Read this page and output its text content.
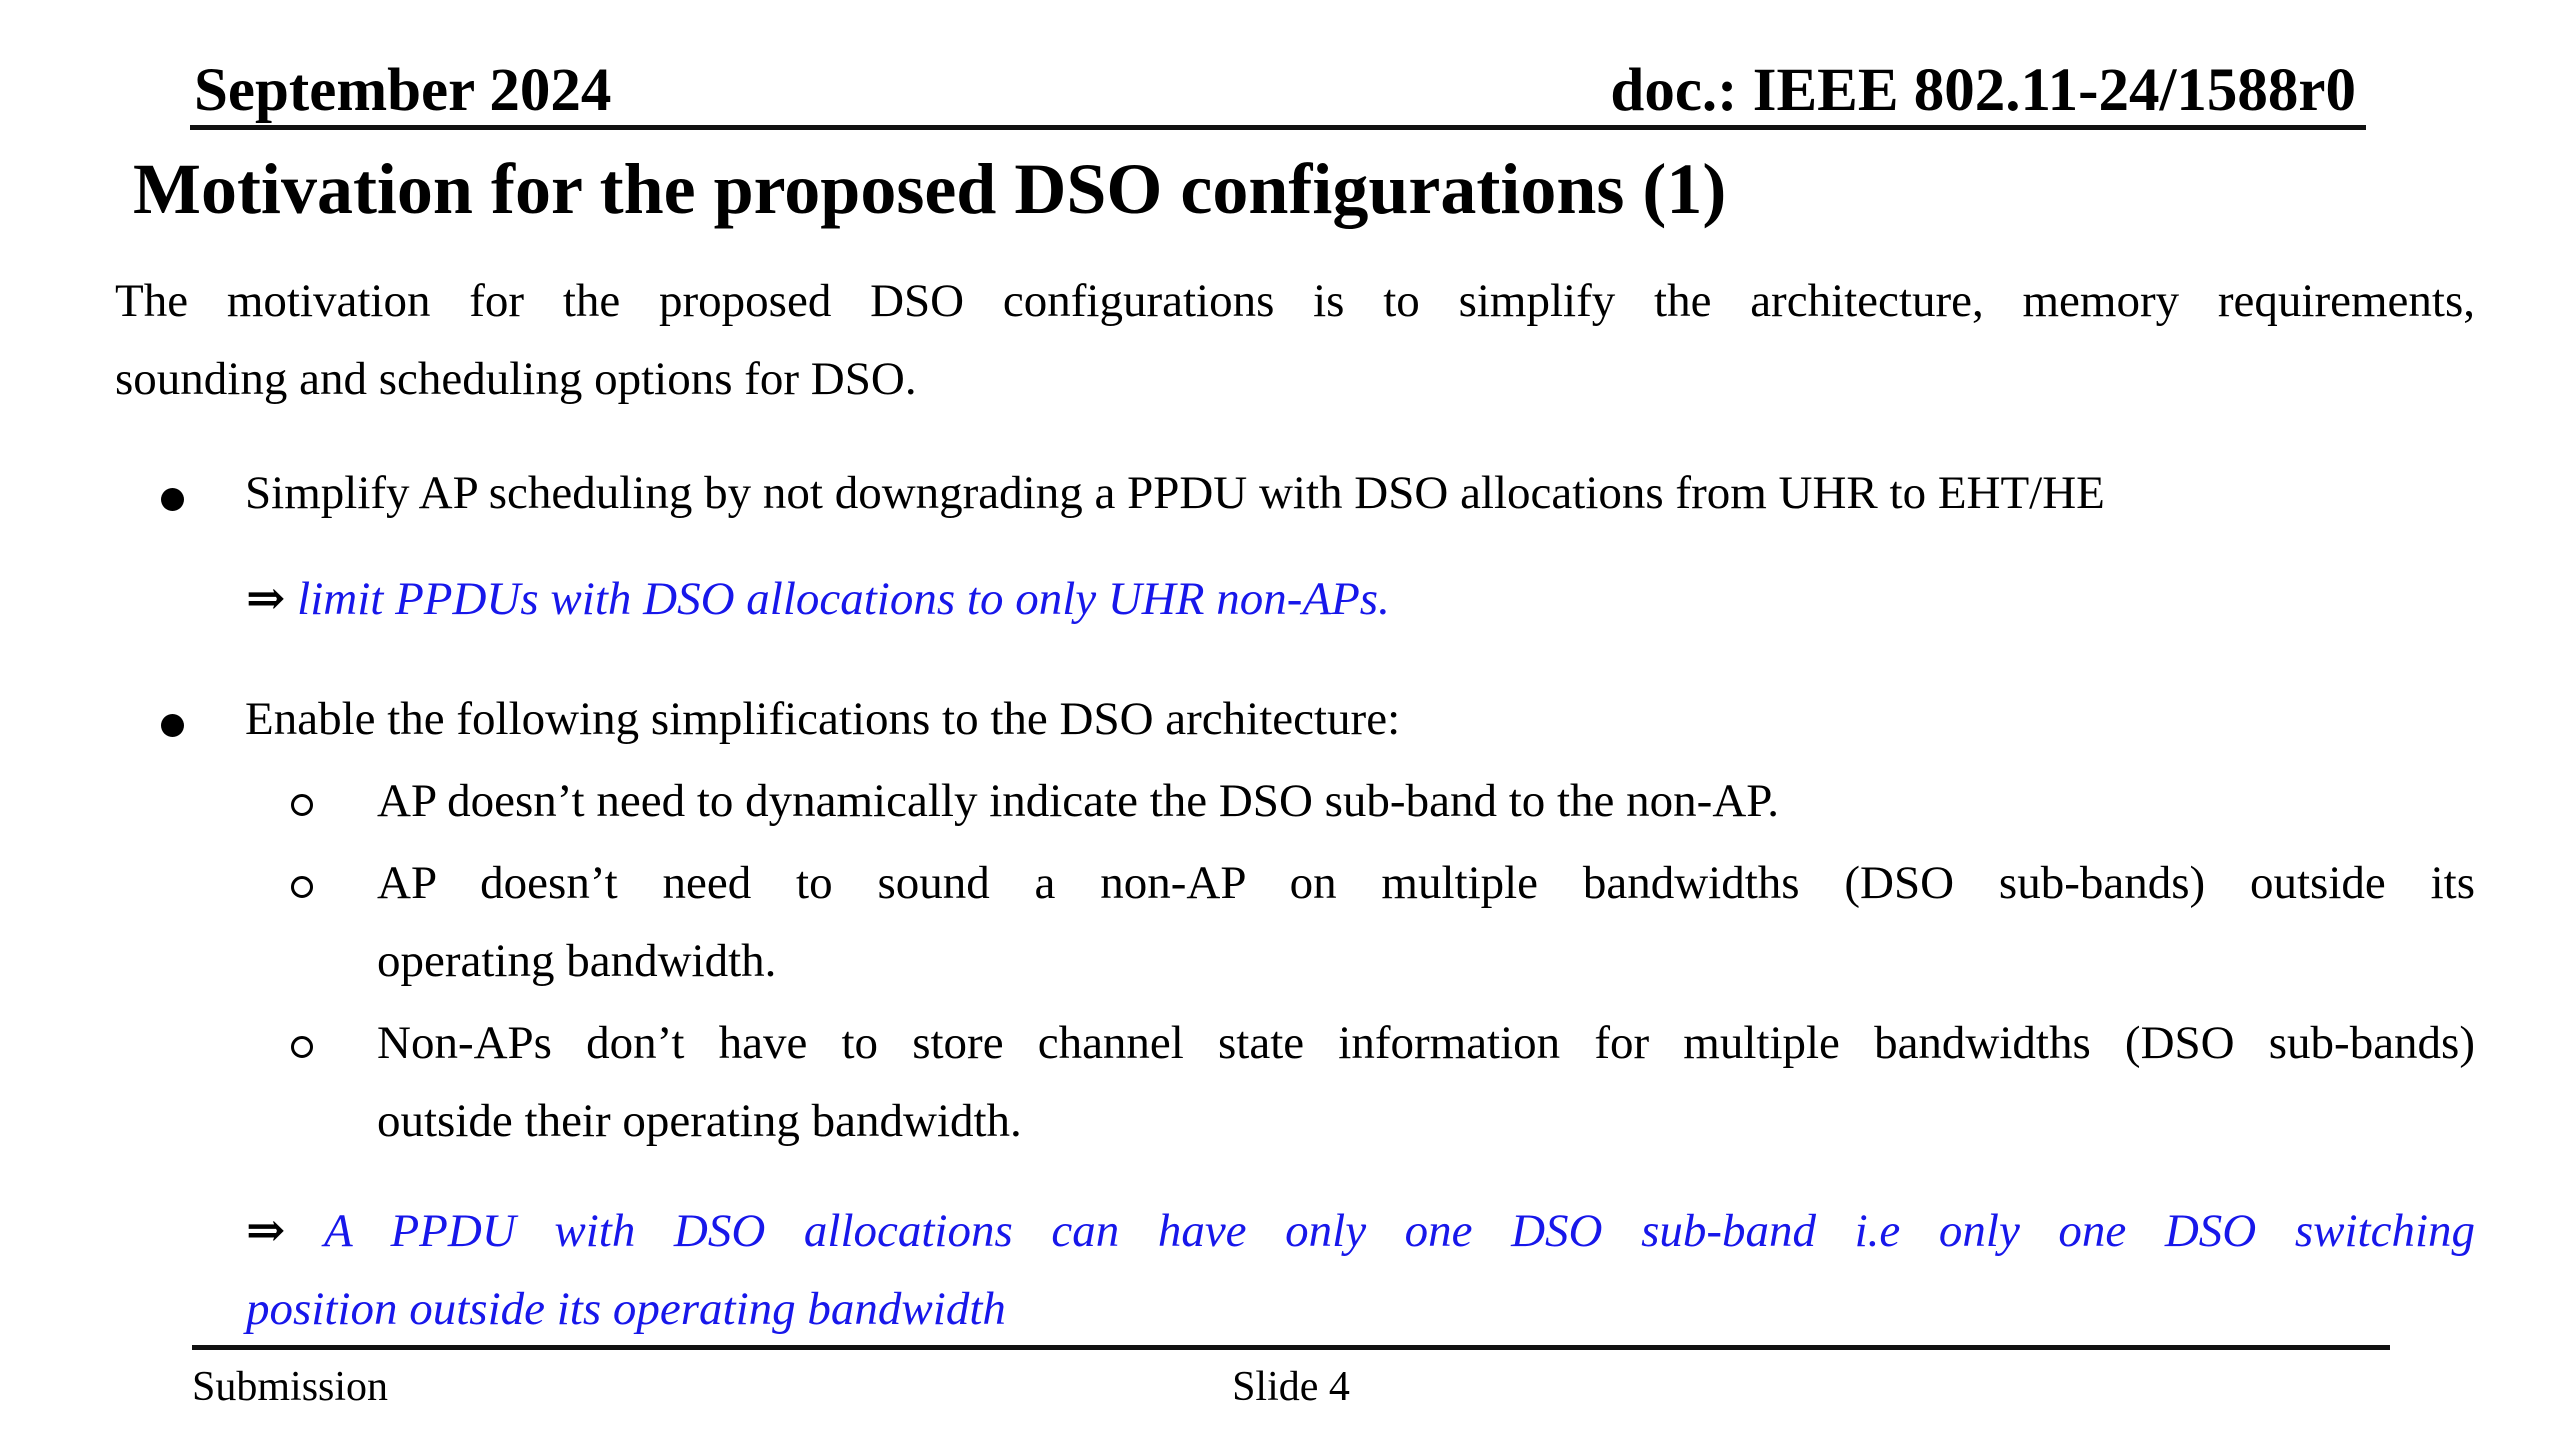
September 2024	doc.: IEEE 802.11-24/1588r0
Motivation for the proposed DSO configurations (1)
The motivation for the proposed DSO configurations is to simplify the architecture, memory requirements,
sounding and scheduling options for DSO.
Simplify AP scheduling by not downgrading a PPDU with DSO allocations from UHR to EHT/HE
⇒ limit PPDUs with DSO allocations to only UHR non-APs.
Enable the following simplifications to the DSO architecture:
AP doesn’t need to dynamically indicate the DSO sub-band to the non-AP.
AP doesn’t need to sound a non-AP on multiple bandwidths (DSO sub-bands) outside its
operating bandwidth.
Non-APs don’t have to store channel state information for multiple bandwidths (DSO sub-bands)
outside their operating bandwidth.
⇒ A PPDU with DSO allocations can have only one DSO sub-band i.e only one DSO switching
position outside its operating bandwidth
Submission	Slide 4
